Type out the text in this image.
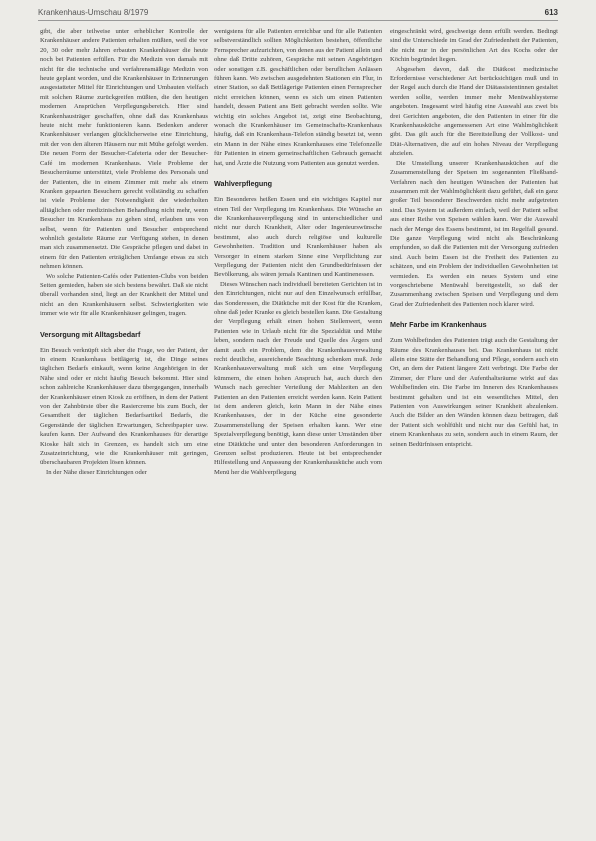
Krankenhaus-Umschau 8/1979	613

gibt, die aber teilweise unter erheblicher Kontrolle der Krankenhäuser andere Patienten erhalten müßten, weil die vor 20, 30 oder mehr Jahren erbauten Krankenhäuser die heute noch bei Patienten erfüllen. Für die Medizin von damals mit nicht für die technische und verfahrensmäßige Medizin von heute geplant worden, und die Krankenhäuser in Erinnerungen ausgestatteter Mittel für Einrichtungen und Umbauten vielfach mit solchen Räume zurückgreifen müßten, die den heutigen modernen Ansprüchen Verpflegungsbereich. Hier sind Krankenhausträger geschaffen, ohne daß das Krankenhaus heute nicht mehr funktionieren kann. Bedenken anderer Krankenhäuser verlangen glücklicherweise eine Einrichtung, mit der von den älteren Häusern nur mit Mühe gefolgt werden. Die neuen Form der Besucher-Cafeteria oder der Besucher-Café im modernen Krankenhaus. Viele Probleme der Besucherräume unterstützt, viele Probleme des Personals und der Patienten, die in einem Zimmer mit mehr als einem Kranken gepaarten Besuchern gerecht vollständig zu schaffen ist viele Probleme der Notwendigkeit der wiederholten alltäglichen oder medizinischen Behandlung nicht mehr, wenn Besucher im Krankenhaus zu gehen sind, erlauben uns von selbst, wenn für Patienten und Besucher entsprechend wohnlich gestaltete Räume zur Verfügung stehen, in denen man sich zusammensetzt. Die Gespräche pflegen und dabei in einem für den Patienten erträglichen Umfange etwas zu sich nehmen können.

Wo solche Patienten-Cafés oder Patienten-Clubs von beiden Seiten gemieden, haben sie sich bestens bewährt. Daß sie nicht überall vorhanden sind, liegt an der Krankheit der Mittel und nicht an den Krankenhäusern selbst. Schwierigkeiten wie immer wie wir für alle Krankenhäuser gelingen, tragen.

Versorgung mit Alltagsbedarf

Ein Besuch verknüpft sich aber die Frage, wo der Patient, der in einem Krankenhaus bettlägerig ist, die Dinge seines täglichen Bedarfs einkauft, wenn keine Angehörigen in der Nähe sind oder er nicht häufig Besuch bekommt. Hier sind schon zahlreiche Krankenhäuser dazu übergegangen, innerhalb der Krankenhäuser einen Kiosk zu eröffnen, in dem der Patient von der Zahnbürste über die Rasiercreme bis zum Buch, der Gesamtheit der täglichen Bedarfsartikel Bedarfs, die Gegenstände der täglichen Erwartungen, Schreibpapier usw. kaufen kann. Der Aufwand des Krankenhauses für derartige Kioske hält sich in Grenzen, es handelt sich um eine Zusatzeinrichtung, wie die Krankenhäuser mit geringen, überschaubaren Projekten lösen können.

In der Nähe dieser Einrichtungen oder

wenigstens für alle Patienten erreichbar und für alle Patienten selbstverständlich sollten Möglichkeiten bestehen, öffentliche Fernsprecher aufzurichten, von denen aus der Patient allein und ohne daß Dritte zuhören, Gespräche mit seinen Angehörigen oder sonstigen z.B. geschäftlichen oder beruflichen Anlässen führen kann. Wo zwischen ausgedehnten Stationen ein Flur, in einer Station, so daß Bettlägerige Patienten einen Fernsprecher nicht erreichen können, wenn es sich um einen Patienten handelt, dessen Patient ans Bett gebracht werden sollte. Wie wichtig ein solches Angebot ist, zeigt eine Beobachtung, wonach die Krankenhäuser im Gemeinschafts-Krankenhaus häufig, daß ein Krankenhaus-Telefon ständig besetzt ist, wenn ein Mann in der Nähe eines Krankenhauses eine Telefonzelle für Patienten in einem gemeinschaftlichen Gebrauch gemacht hat, und Ärzte die Nutzung vom Patienten aus genutzt werden.

Wahlverpflegung

Ein Besonderes heißen Essen und ein wichtiges Kapitel nur einen Teil der Verpflegung im Krankenhaus. Die Wünsche an die Krankenhausverpflegung sind in unterschiedlicher und nicht nur durch Krankheit, Alter oder Ingenieurswünsche bestimmt, also auch durch religiöse und kulturelle Gewohnheiten. Tradition und Krankenhäuser haben als Versorger in einem starken Sinne eine Verpflichtung zur Verpflegung der Patienten nicht den Grundbedürfnissen der Bevölkerung, als wären jemals Kantinen und Kantinenessen.

Dieses Wünschen nach individuell bereiteten Gerichten ist in den Einrichtungen, nicht nur auf den Einzelwunsch erfüllbar, das Sonderessen, die Diätküche mit der Kost für die Kranken, ohne daß jeder Kranke es gleich bestellen kann. Die Gestaltung der Verpflegung erhält einen hohen Stellenwert, wenn Patienten wie in Urlaub nicht für die Spezialdiät und Mühe leben, sondern nach der Freude und Quelle des Ärgers und damit auch ein Problem, dem die Krankenhausverwaltung recht deutliche, ausreichende Beachtung schenken muß. Jede Krankenhausverwaltung muß sich um eine Verpflegung kümmern, die einen hohen Anspruch hat, auch durch den Wunsch nach gerechter Verteilung der Mahlzeiten an den Patienten an den Patienten erreicht werden kann. Kein Patient ist dem anderen gleich, kein Mann in der Nähe eines Krankenhauses, der in der Küche eine gesonderte Zusammenstellung der Speisen erhalten kann. Wer eine Spezialverpflegung benötigt, kann diese unter Umständen über eine Diätküche und unter den besonderen Anforderungen in Grenzen selbst produzieren. Heute ist bei entsprechender Hilfestellung und Anpassung der Krankenhausküche auch vom Menü her die Wahlverpflegung

eingeschränkt wird, geschweige denn erfüllt werden. Bedingt sind die Unterschiede im Grad der Zufriedenheit der Patienten, die nicht nur in der persönlichen Art des Kochs oder der Köchin begründet liegen.

Abgesehen davon, daß die Diätkost medizinische Erfordernisse verschiedener Art berücksichtigen muß und in der Regel auch durch die Hand der Diätassistentinnen gestaltet werden sollte, werden immer mehr Menüwahlsysteme angeboten. Insgesamt wird häufig eine Auswahl aus zwei bis drei Gerichten angeboten, die den Patienten in einer für die Krankenhausküche angemessenen Art eine Wahlmöglichkeit gibt. Das gilt auch für die Bereitstellung der Vollkost- und Diät-Alternativen, die auf ein hohes Niveau der Verpflegung abzielen.

Die Umstellung unserer Krankenhausküchen auf die Zusammenstellung der Speisen im sogenannten Fließband-Verfahren nach den heutigen Wünschen der Patienten hat zusammen mit der Wahlmöglichkeit dazu geführt, daß ein ganz großer Teil besonderer Beschwerden nicht mehr aufgetreten sind. Das System ist außerdem einfach, weil der Patient selbst aus einer Reihe von Speisen wählen kann. Wer die Auswahl nach der Menge des Essens bestimmt, ist im Regelfall gesund. Die ganze Verpflegung wird nicht als Beschränkung empfunden, so daß die Patienten mit der Versorgung zufrieden sind. Auch beim Essen ist die Freiheit des Patienten zu schätzen, und ein Problem der individuellen Gewohnheiten ist vermieden. Es werden ein neues System und eine vorgeschriebene Menüwahl bereitgestellt, so daß der Zusammenhang zwischen Speisen und Verpflegung und dem Grad der Zufriedenheit des Patienten noch klarer wird.

Mehr Farbe im Krankenhaus

Zum Wohlbefinden des Patienten trägt auch die Gestaltung der Räume des Krankenhauses bei. Das Krankenhaus ist nicht allein eine Stätte der Behandlung und Pflege, sondern auch ein Ort, an dem der Patient längere Zeit verbringt. Die Farbe der Zimmer, der Flure und der Aufenthaltsräume wirkt auf das Wohlbefinden ein. Die Farbe im Inneren des Krankenhauses bestimmt gehalten und ist ein wesentliches Mittel, den Patienten von Auswirkungen seiner Krankheit abzulenken. Auch die Bilder an den Wänden können dazu beitragen, daß der Patient sich wohlfühlt und nicht nur das Gefühl hat, in einem Krankenhaus zu sein, sondern auch in einem Raum, der seinen Bedürfnissen entspricht.
